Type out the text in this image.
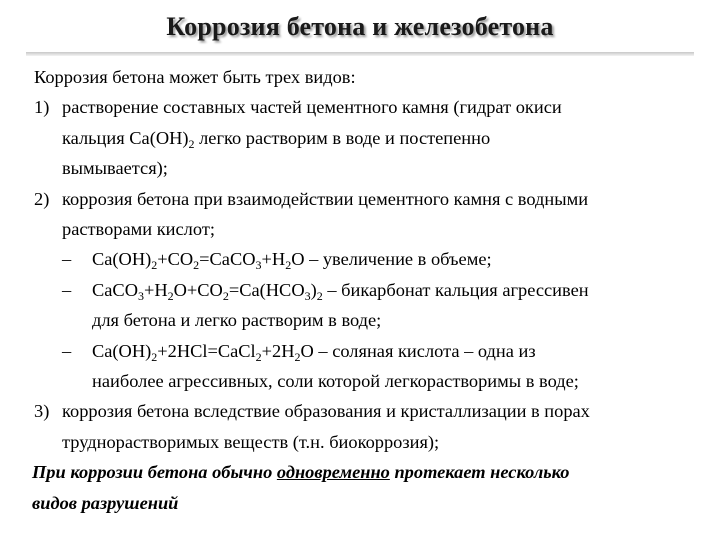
Коррозия бетона и железобетона
Коррозия бетона может быть трех видов:
1) растворение составных частей цементного камня (гидрат окиси
кальция $Ca(OH)_2$ легко растворим в воде и постепенно
вымывается);
2) коррозия бетона при взаимодействии цементного камня с водными
растворами кислот;
– $Ca(OH)_2+CO_2=CaCO_3+H_2O$ – увеличение в объеме;
– $CaCO_3+H_2O+CO_2=Ca(HCO_3)_2$ – бикарбонат кальция агрессивен
для бетона и легко растворим в воде;
– $Ca(OH)_2+2HCl=CaCl_2+2H_2O$ – соляная кислота – одна из
наиболее агрессивных, соли которой легкорастворимы в воде;
3) коррозия бетона вследствие образования и кристаллизации в порах
труднорастворимых веществ (т.н. биокоррозия);
При коррозии бетона обычно одновременно протекает несколько
видов разрушений
